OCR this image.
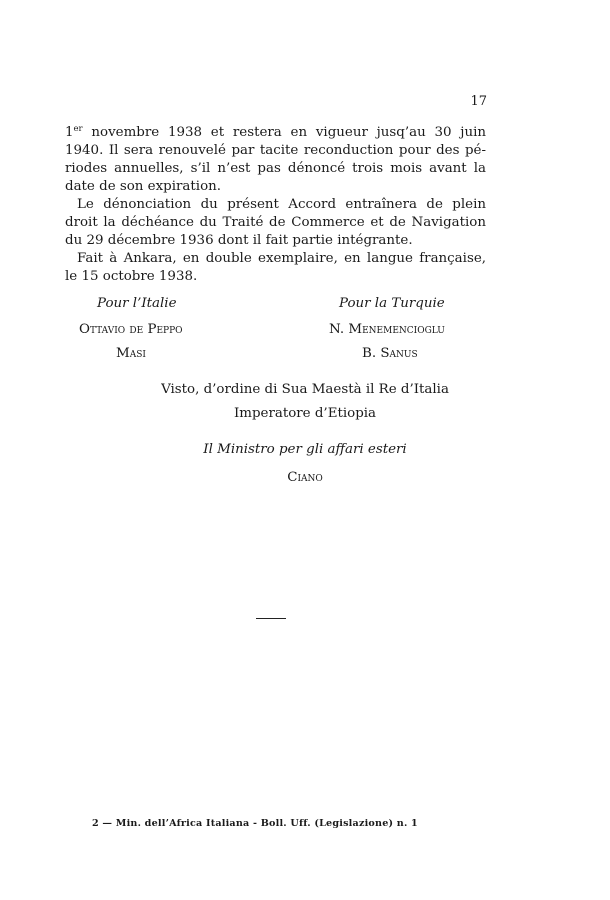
17
1er novembre 1938 et restera en vigueur jusq’au 30 juin
1940. Il sera renouvelé par tacite reconduction pour des pé-
riodes annuelles, s’il n’est pas dénoncé trois mois avant la
date de son expiration.
Le dénonciation du présent Accord entraînera de plein
droit la déchéance du Traité de Commerce et de Navigation
du 29 décembre 1936 dont il fait partie intégrante.
Fait à Ankara, en double exemplaire, en langue française,
le 15 octobre 1938.
Pour l’Italie	Pour la Turquie
Ottavio de Peppo	N. Menemencioglu
Masi	B. Sanus
Visto, d’ordine di Sua Maestà il Re d’Italia
Imperatore d’Etiopia
Il Ministro per gli affari esteri
Ciano
2 — Min. dell’Africa Italiana - Boll. Uff. (Legislazione) n. 1
